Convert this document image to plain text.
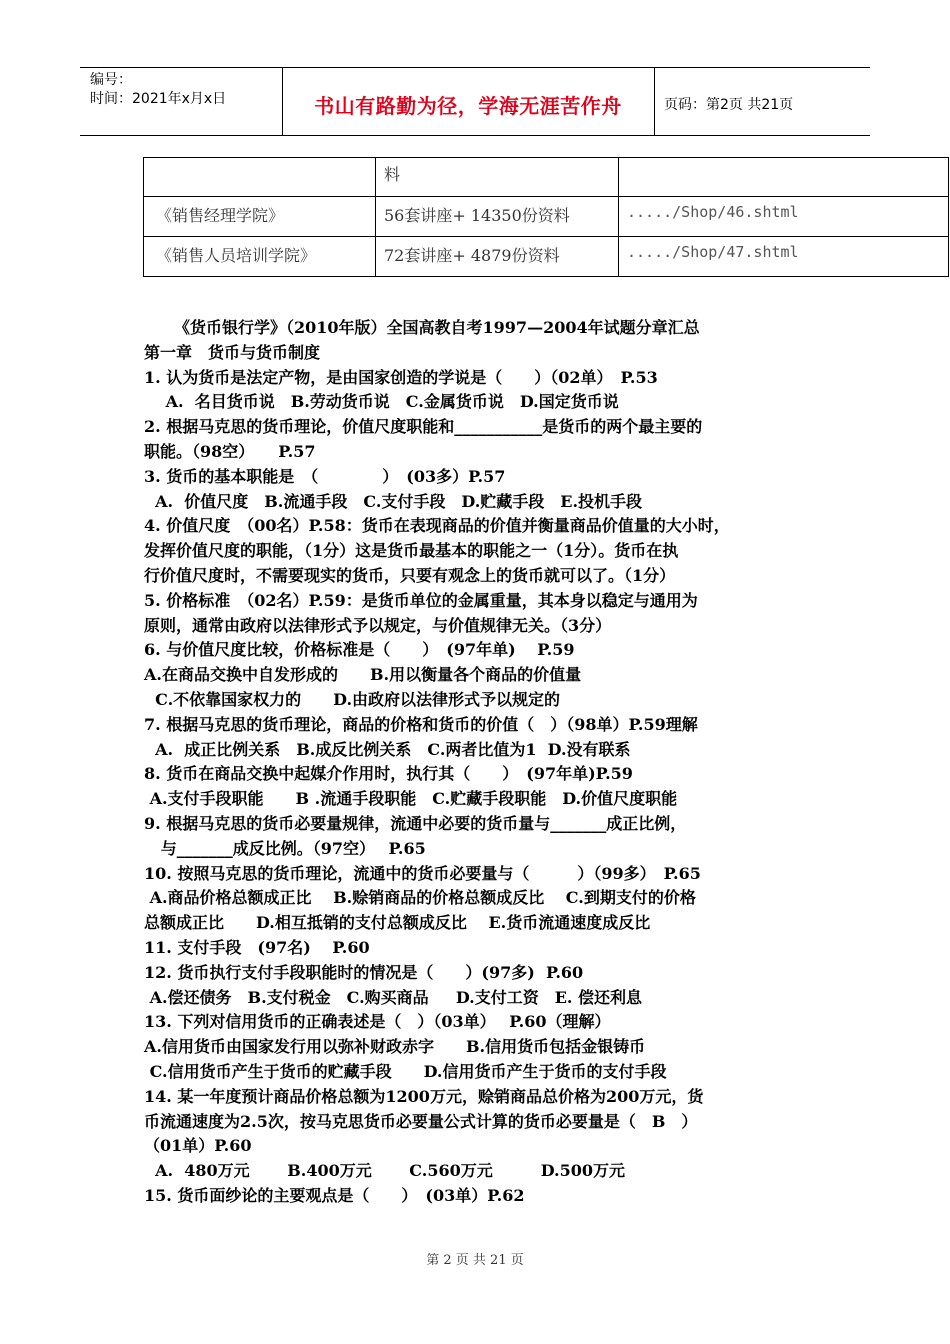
编号：
时间：2021年x月x日	书山有路勤为径，学海无涯苦作舟	页码：第2页 共21页

	料	

《销售经理学院》	56套讲座+ 14350份资料	...../Shop/46.shtml

《销售人员培训学院》	72套讲座+ 4879份资料	...../Shop/47.shtml

《货币银行学》（2010年版）全国高教自考1997—2004年试题分章汇总

第一章　货币与货币制度

1. 认为货币是法定产物，是由国家创造的学说是（　　）（02单）　P.53

　 A.  名目货币说　B.劳动货币说　C.金属货币说　D.国定货币说

2. 根据马克思的货币理论，价值尺度职能和___________是货币的两个最主要的

职能。（98空）　　P.57

3. 货币的基本职能是　（　　　　）　(03多）P.57

A.  价值尺度　B.流通手段　C.支付手段　D.贮藏手段　E.投机手段

4. 价值尺度　（00名）P.58：货币在表现商品的价值并衡量商品价值量的大小时，

发挥价值尺度的职能，（1分）这是货币最基本的职能之一（1分）。货币在执

行价值尺度时，不需要现实的货币，只要有观念上的货币就可以了。（1分）

5. 价格标准　（02名）P.59：是货币单位的金属重量，其本身以稳定与通用为

原则，通常由政府以法律形式予以规定，与价值规律无关。（3分）

6. 与价值尺度比较，价格标准是（　　）　(97年单)　 P.59

A.在商品交换中自发形成的　　B.用以衡量各个商品的价值量

C.不依靠国家权力的　　D.由政府以法律形式予以规定的

7. 根据马克思的货币理论，商品的价格和货币的价值（　）（98单）P.59理解

A.  成正比例关系　B.成反比例关系　C.两者比值为1  D.没有联系

8. 货币在商品交换中起媒介作用时，执行其（　　）　(97年单)P.59

A.支付手段职能　　B .流通手段职能　C.贮藏手段职能　D.价值尺度职能

9. 根据马克思的货币必要量规律，流通中必要的货币量与_______成正比例，

与_______成反比例。（97空）　 P.65

10. 按照马克思的货币理论，流通中的货币必要量与（　　　）（99多）　P.65

A.商品价格总额成正比　 B.赊销商品的价格总额成反比　 C.到期支付的价格

总额成正比　　D.相互抵销的支付总额成反比　 E.货币流通速度成反比

11. 支付手段　(97名)　 P.60

12. 货币执行支付手段职能时的情况是（　　）(97多)  P.60

A.偿还债务　B.支付税金　C.购买商品　  D.支付工资　E. 偿还利息

13. 下列对信用货币的正确表述是（　）（03单）　 P.60（理解）

A.信用货币由国家发行用以弥补财政赤字　　B.信用货币包括金银铸币

C.信用货币产生于货币的贮藏手段　　D.信用货币产生于货币的支付手段

14. 某一年度预计商品价格总额为1200万元，赊销商品总价格为200万元，货

币流通速度为2.5次，按马克思货币必要量公式计算的货币必要量是（　B　）

（01单）P.60

A.  480万元　　 B.400万元　　 C.560万元　　　D.500万元

15. 货币面纱论的主要观点是（　　）　(03单）P.62

第 2 页 共 21 页
